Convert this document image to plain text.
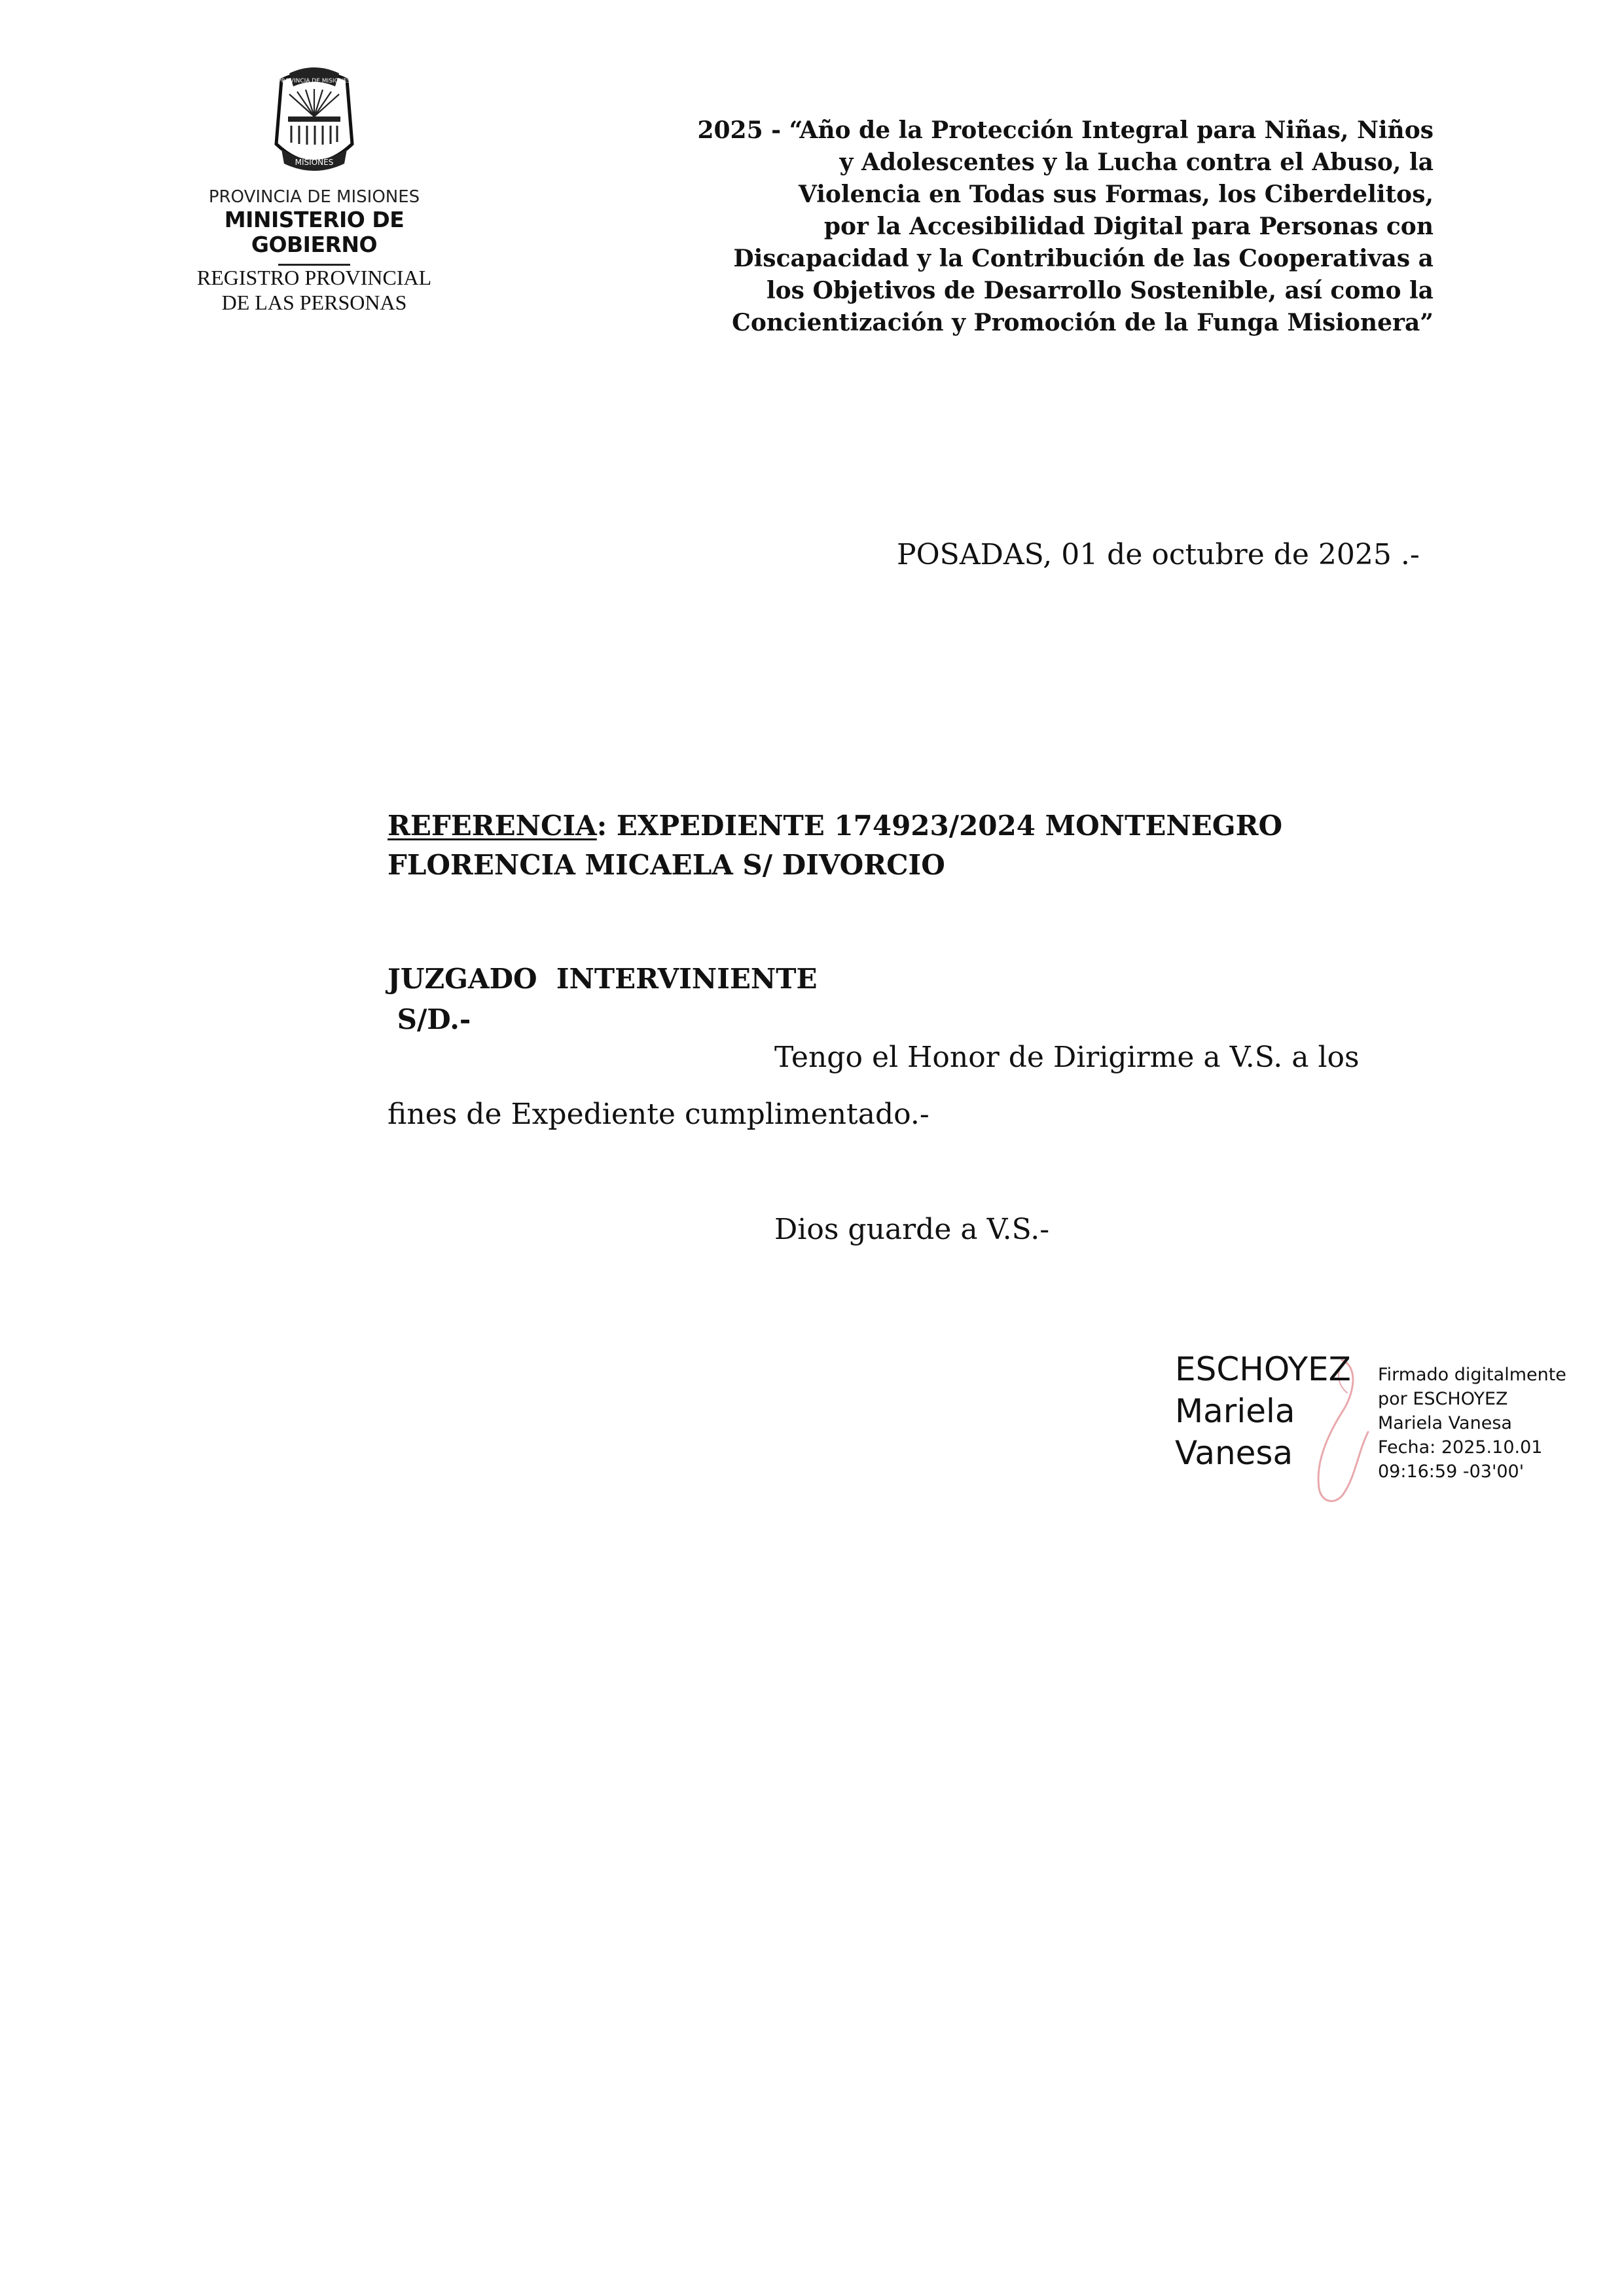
PROVINCIA DE MISIONES
MISIONES
PROVINCIA DE MISIONES
MINISTERIO DE GOBIERNO
REGISTRO PROVINCIAL
DE LAS PERSONAS
2025 - “Año de la Protección Integral para Niñas, Niños
y Adolescentes y la Lucha contra el Abuso, la
Violencia en Todas sus Formas, los Ciberdelitos,
por la Accesibilidad Digital para Personas con
Discapacidad y la Contribución de las Cooperativas a
los Objetivos de Desarrollo Sostenible, así como la
Concientización y Promoción de la Funga Misionera”
POSADAS, 01 de octubre de 2025 .-
REFERENCIA: EXPEDIENTE 174923/2024 MONTENEGRO
FLORENCIA MICAELA S/ DIVORCIO
JUZGADO  INTERVINIENTE
S/D.-
Tengo el Honor de Dirigirme a V.S. a los
fines de Expediente cumplimentado.-
Dios guarde a V.S.-
ESCHOYEZ
Mariela
Vanesa
Firmado digitalmente
por ESCHOYEZ
Mariela Vanesa
Fecha: 2025.10.01
09:16:59 -03'00'
